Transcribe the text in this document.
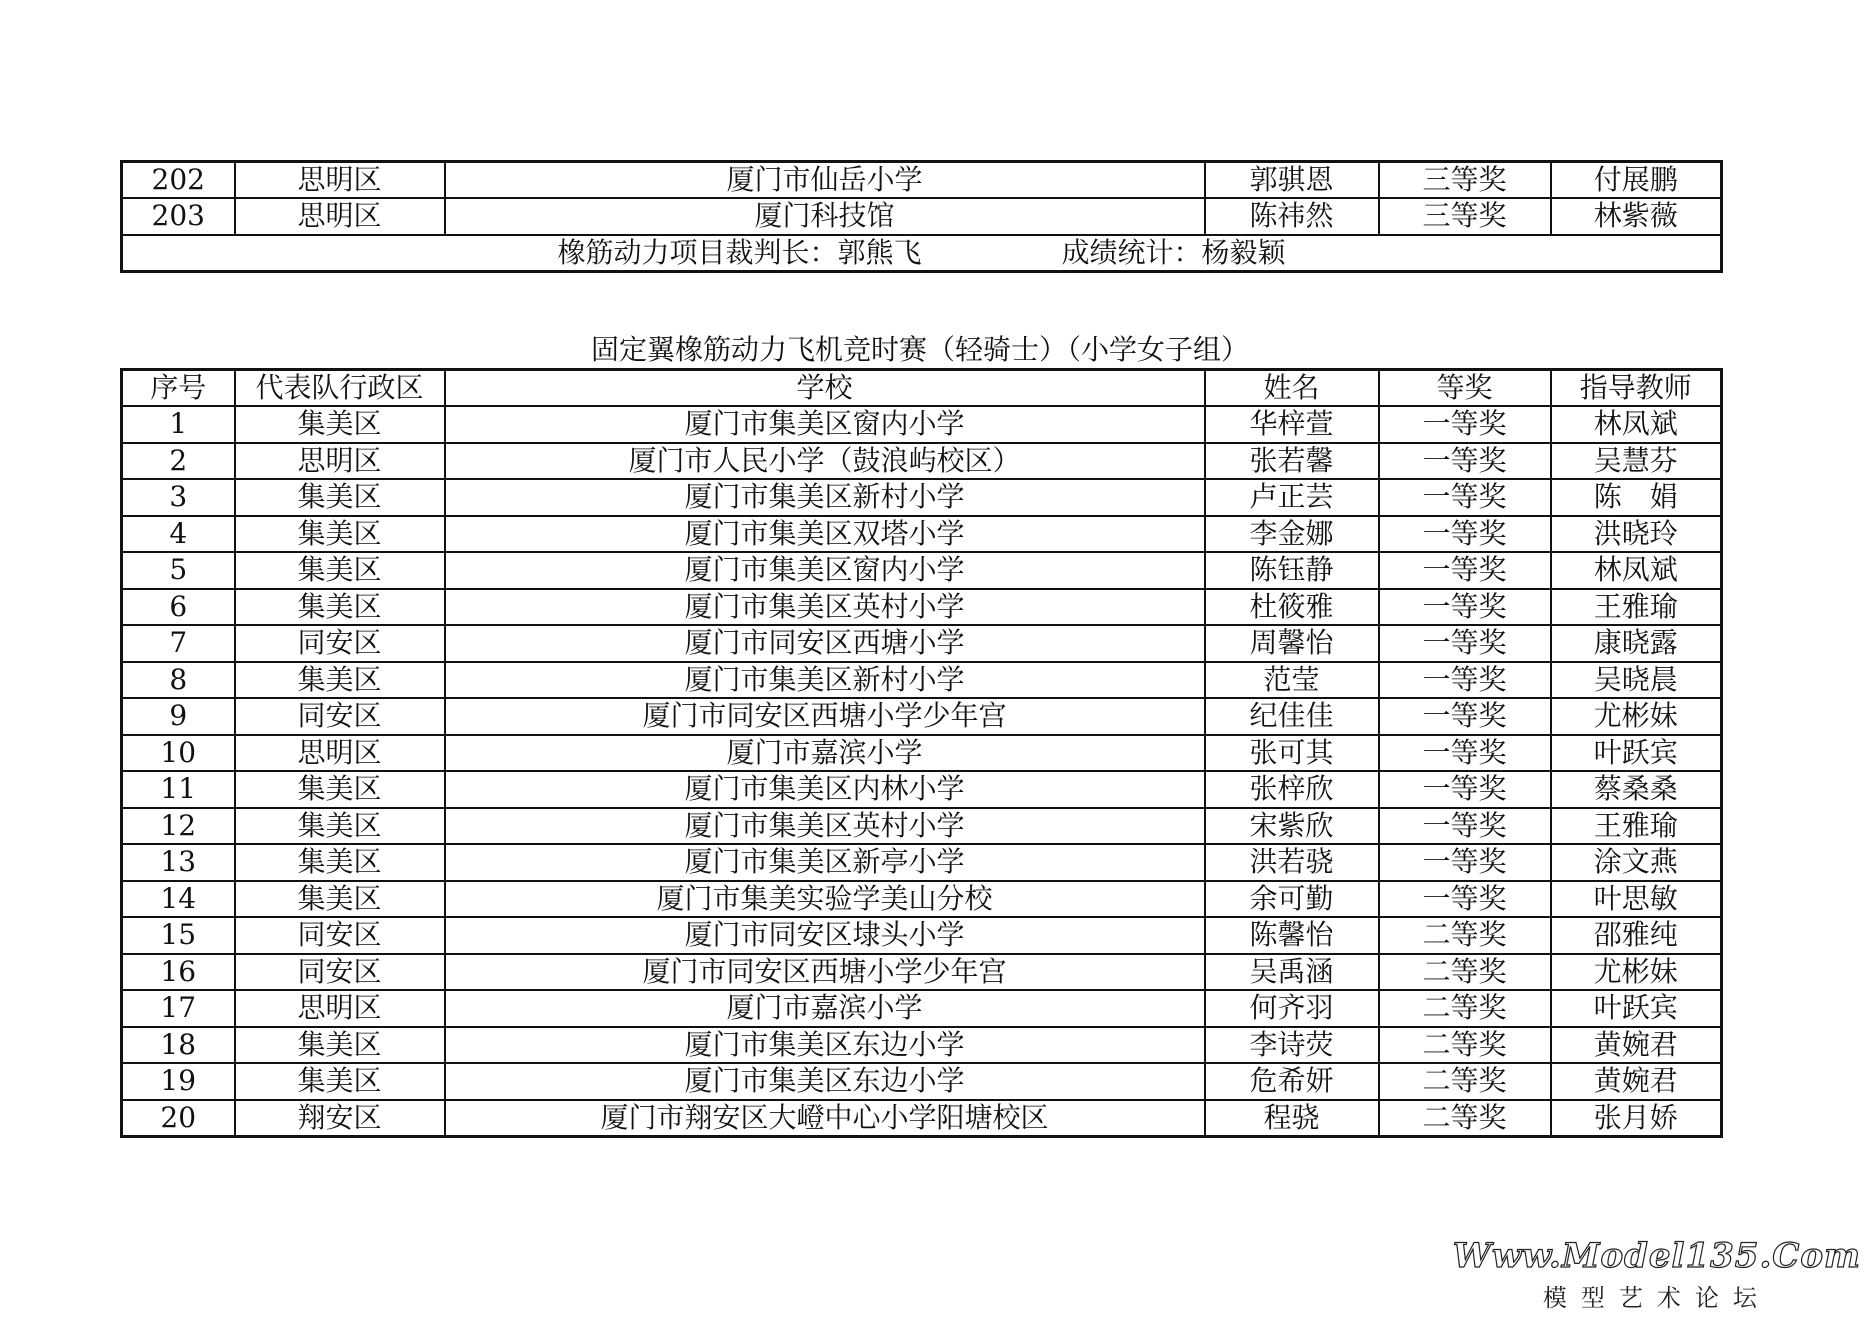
202	思明区	厦门市仙岳小学	郭骐恩	三等奖	付展鹏
203	思明区	厦门科技馆	陈祎然	三等奖	林紫薇
橡筋动力项目裁判长：郭熊飞 成绩统计：杨毅颖					
固定翼橡筋动力飞机竞时赛（轻骑士）（小学女子组）
序号	代表队行政区	学校	姓名	等奖	指导教师
1	集美区	厦门市集美区窗内小学	华梓萱	一等奖	林凤斌
2	思明区	厦门市人民小学（鼓浪屿校区）	张若馨	一等奖	吴慧芬
3	集美区	厦门市集美区新村小学	卢正芸	一等奖	陈　娟
4	集美区	厦门市集美区双塔小学	李金娜	一等奖	洪晓玲
5	集美区	厦门市集美区窗内小学	陈钰静	一等奖	林凤斌
6	集美区	厦门市集美区英村小学	杜筱雅	一等奖	王雅瑜
7	同安区	厦门市同安区西塘小学	周馨怡	一等奖	康晓露
8	集美区	厦门市集美区新村小学	范莹	一等奖	吴晓晨
9	同安区	厦门市同安区西塘小学少年宫	纪佳佳	一等奖	尤彬妹
10	思明区	厦门市嘉滨小学	张可其	一等奖	叶跃宾
11	集美区	厦门市集美区内林小学	张梓欣	一等奖	蔡桑桑
12	集美区	厦门市集美区英村小学	宋紫欣	一等奖	王雅瑜
13	集美区	厦门市集美区新亭小学	洪若骁	一等奖	涂文燕
14	集美区	厦门市集美实验学美山分校	余可勤	一等奖	叶思敏
15	同安区	厦门市同安区埭头小学	陈馨怡	二等奖	邵雅纯
16	同安区	厦门市同安区西塘小学少年宫	吴禹涵	二等奖	尤彬妹
17	思明区	厦门市嘉滨小学	何齐羽	二等奖	叶跃宾
18	集美区	厦门市集美区东边小学	李诗荧	二等奖	黄婉君
19	集美区	厦门市集美区东边小学	危希妍	二等奖	黄婉君
20	翔安区	厦门市翔安区大嶝中心小学阳塘校区	程骁	二等奖	张月娇
Www.Model135.Com
模型艺术论坛
